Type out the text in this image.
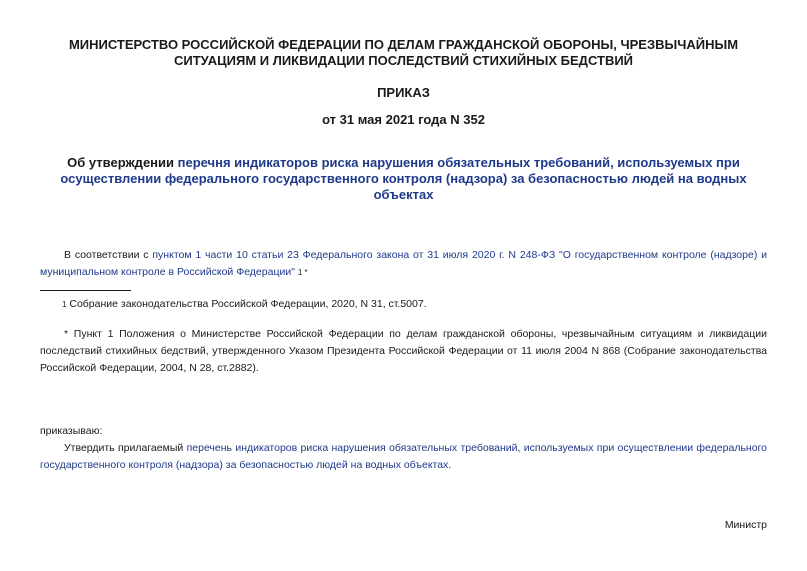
МИНИСТЕРСТВО РОССИЙСКОЙ ФЕДЕРАЦИИ ПО ДЕЛАМ ГРАЖДАНСКОЙ ОБОРОНЫ, ЧРЕЗВЫЧАЙНЫМ
СИТУАЦИЯМ И ЛИКВИДАЦИИ ПОСЛЕДСТВИЙ СТИХИЙНЫХ БЕДСТВИЙ
ПРИКАЗ
от 31 мая 2021 года N 352
Об утверждении перечня индикаторов риска нарушения обязательных требований, используемых при осуществлении федерального государственного контроля (надзора) за безопасностью людей на водных объектах

В соответствии с пунктом 1 части 10 статьи 23 Федерального закона от 31 июля 2020 г. N 248-ФЗ "О государственном контроле (надзоре) и муниципальном контроле в Российской Федерации" 1 *

1 Собрание законодательства Российской Федерации, 2020, N 31, ст.5007.

* Пункт 1 Положения о Министерстве Российской Федерации по делам гражданской обороны, чрезвычайным ситуациям и ликвидации последствий стихийных бедствий, утвержденного Указом Президента Российской Федерации от 11 июля 2004 N 868 (Собрание законодательства Российской Федерации, 2004, N 28, ст.2882).

приказываю:

Утвердить прилагаемый перечень индикаторов риска нарушения обязательных требований, используемых при осуществлении федерального государственного контроля (надзора) за безопасностью людей на водных объектах.

Министр
